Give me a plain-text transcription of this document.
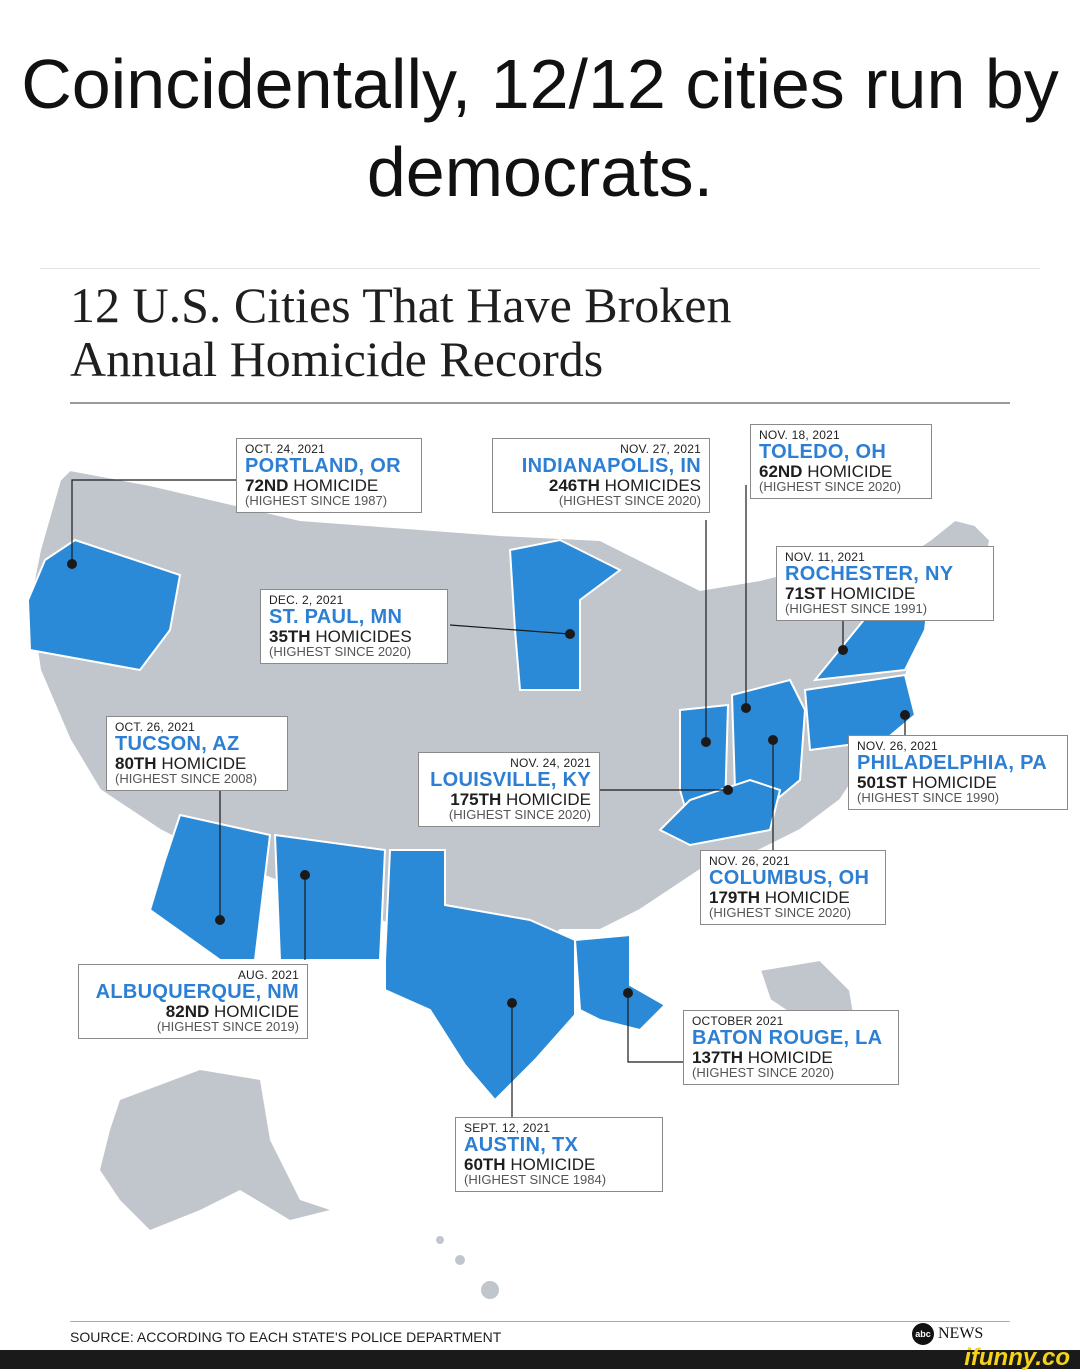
Coincidentally, 12/12 cities run by democrats.
12 U.S. Cities That Have Broken
Annual Homicide Records
OCT. 24, 2021
PORTLAND, OR
72ND HOMICIDE
(HIGHEST SINCE 1987)
NOV. 27, 2021
INDIANAPOLIS, IN
246TH HOMICIDES
(HIGHEST SINCE 2020)
NOV. 18, 2021
TOLEDO, OH
62ND HOMICIDE
(HIGHEST SINCE 2020)
NOV. 11, 2021
ROCHESTER, NY
71ST HOMICIDE
(HIGHEST SINCE 1991)
DEC. 2, 2021
ST. PAUL, MN
35TH HOMICIDES
(HIGHEST SINCE 2020)
OCT. 26, 2021
TUCSON, AZ
80TH HOMICIDE
(HIGHEST SINCE 2008)
NOV. 24, 2021
LOUISVILLE, KY
175TH HOMICIDE
(HIGHEST SINCE 2020)
NOV. 26, 2021
PHILADELPHIA, PA
501ST HOMICIDE
(HIGHEST SINCE 1990)
NOV. 26, 2021
COLUMBUS, OH
179TH HOMICIDE
(HIGHEST SINCE 2020)
AUG. 2021
ALBUQUERQUE, NM
82ND HOMICIDE
(HIGHEST SINCE 2019)	OCTOBER 2021
BATON ROUGE, LA
137TH HOMICIDE
(HIGHEST SINCE 2020)
SEPT. 12, 2021
AUSTIN, TX
60TH HOMICIDE
(HIGHEST SINCE 1984)
SOURCE: ACCORDING TO EACH STATE'S POLICE DEPARTMENT	abc NEWS
ifunny.co
